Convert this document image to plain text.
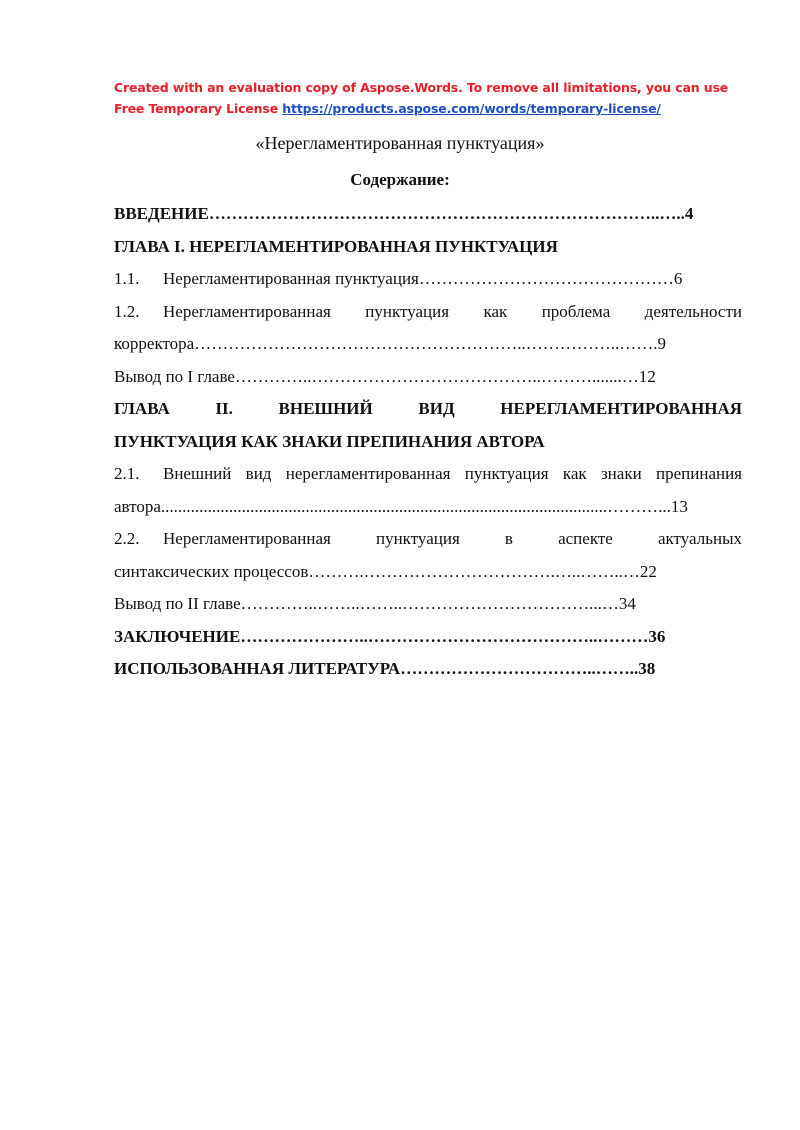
Created with an evaluation copy of Aspose.Words. To remove all limitations, you can use
Free Temporary License https://products.aspose.com/words/temporary-license/
«Нерегламентированная пунктуация»
Содержание:
ВВЕДЕНИЕ……………………………………………………………………..…..4
ГЛАВА I. НЕРЕГЛАМЕНТИРОВАННАЯ ПУНКТУАЦИЯ
1.1. Нерегламентированная пунктуация………………………………………6
1.2. Нерегламентированная пунктуация как проблема деятельности
корректора…………………………………………………..……………..…….9
Вывод по I главе…………..…………………………………..……….......…12
ГЛАВА II. ВНЕШНИЙ ВИД НЕРЕГЛАМЕНТИРОВАННАЯ
ПУНКТУАЦИЯ КАК ЗНАКИ ПРЕПИНАНИЯ АВТОРА
2.1. Внешний вид нерегламентированная пунктуация как знаки препинания
автора.........................................................................................................………...13
2.2. Нерегламентированная пунктуация в аспекте актуальных
синтаксических процессов……….…………………………….…..……..…22
Вывод по II главе…………..……..……..……………………………...…34
ЗАКЛЮЧЕНИЕ…………………..…………………………………..………36
ИСПОЛЬЗОВАННАЯ ЛИТЕРАТУРА……………………………..……..38
